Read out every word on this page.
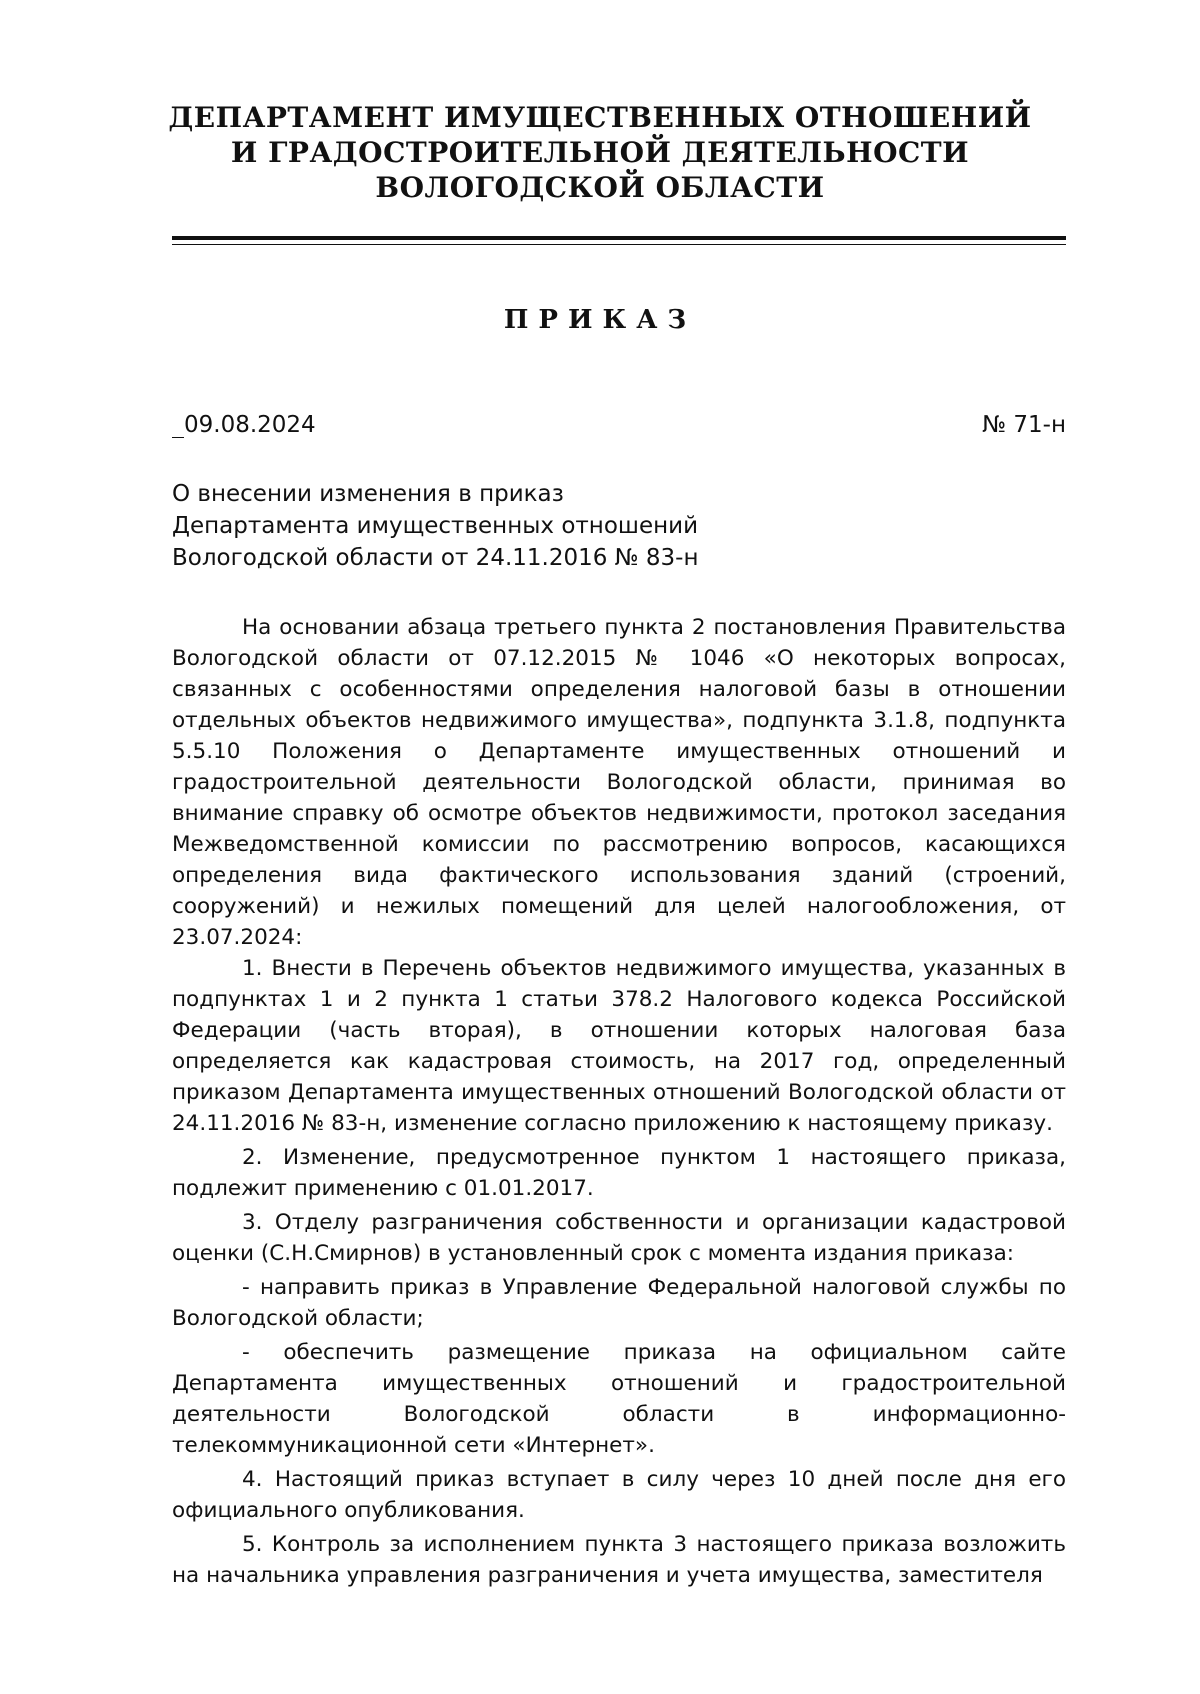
ДЕПАРТАМЕНТ ИМУЩЕСТВЕННЫХ ОТНОШЕНИЙ
И ГРАДОСТРОИТЕЛЬНОЙ ДЕЯТЕЛЬНОСТИ
ВОЛОГОДСКОЙ ОБЛАСТИ
ПРИКАЗ
09.08.2024	№ 71-н
О внесении изменения в приказ
Департамента имущественных отношений
Вологодской области от 24.11.2016 № 83-н

На основании абзаца третьего пункта 2 постановления Правительства Вологодской области от 07.12.2015 № 1046 «О некоторых вопросах, связанных с особенностями определения налоговой базы в отношении отдельных объектов недвижимого имущества», подпункта 3.1.8, подпункта 5.5.10 Положения о Департаменте имущественных отношений и градостроительной деятельности Вологодской области, принимая во внимание справку об осмотре объектов недвижимости, протокол заседания Межведомственной комиссии по рассмотрению вопросов, касающихся определения вида фактического использования зданий (строений, сооружений) и нежилых помещений для целей налогообложения, от 23.07.2024:

1. Внести в Перечень объектов недвижимого имущества, указанных в подпунктах 1 и 2 пункта 1 статьи 378.2 Налогового кодекса Российской Федерации (часть вторая), в отношении которых налоговая база определяется как кадастровая стоимость, на 2017 год, определенный приказом Департамента имущественных отношений Вологодской области от 24.11.2016 № 83-н, изменение согласно приложению к настоящему приказу.

2. Изменение, предусмотренное пунктом 1 настоящего приказа, подлежит применению с 01.01.2017.

3. Отделу разграничения собственности и организации кадастровой оценки (С.Н.Смирнов) в установленный срок с момента издания приказа:

- направить приказ в Управление Федеральной налоговой службы по Вологодской области;

- обеспечить размещение приказа на официальном сайте Департамента имущественных отношений и градостроительной деятельности Вологодской области в информационно-телекоммуникационной сети «Интернет».

4. Настоящий приказ вступает в силу через 10 дней после дня его официального опубликования.

5. Контроль за исполнением пункта 3 настоящего приказа возложить на начальника управления разграничения и учета имущества, заместителя
